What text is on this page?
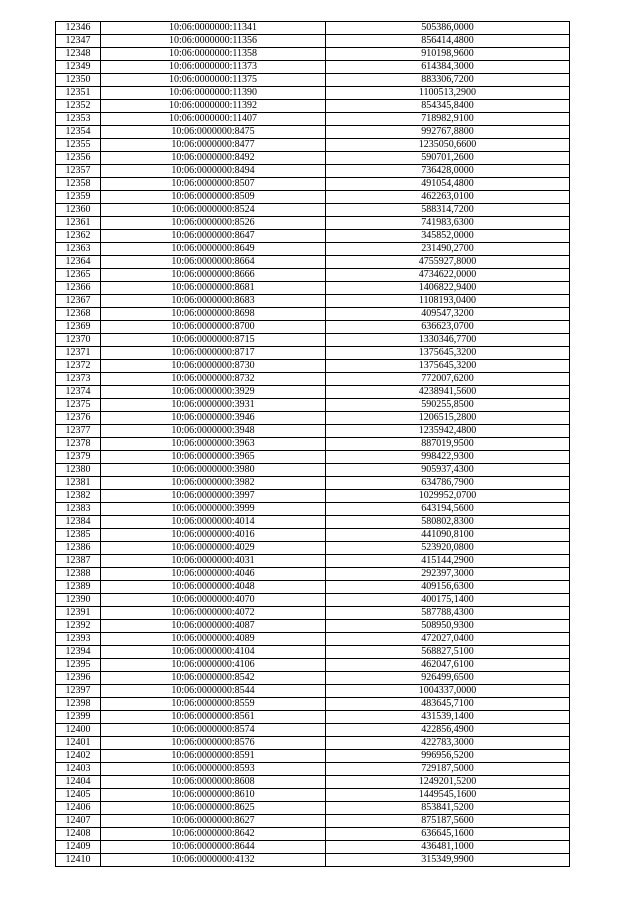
12346	10:06:0000000:11341	505386,0000
12347	10:06:0000000:11356	856414,4800
12348	10:06:0000000:11358	910198,9600
12349	10:06:0000000:11373	614384,3000
12350	10:06:0000000:11375	883306,7200
12351	10:06:0000000:11390	1100513,2900
12352	10:06:0000000:11392	854345,8400
12353	10:06:0000000:11407	718982,9100
12354	10:06:0000000:8475	992767,8800
12355	10:06:0000000:8477	1235050,6600
12356	10:06:0000000:8492	590701,2600
12357	10:06:0000000:8494	736428,0000
12358	10:06:0000000:8507	491054,4800
12359	10:06:0000000:8509	462263,0100
12360	10:06:0000000:8524	588314,7200
12361	10:06:0000000:8526	741983,6300
12362	10:06:0000000:8647	345852,0000
12363	10:06:0000000:8649	231490,2700
12364	10:06:0000000:8664	4755927,8000
12365	10:06:0000000:8666	4734622,0000
12366	10:06:0000000:8681	1406822,9400
12367	10:06:0000000:8683	1108193,0400
12368	10:06:0000000:8698	409547,3200
12369	10:06:0000000:8700	636623,0700
12370	10:06:0000000:8715	1330346,7700
12371	10:06:0000000:8717	1375645,3200
12372	10:06:0000000:8730	1375645,3200
12373	10:06:0000000:8732	772007,6200
12374	10:06:0000000:3929	4238941,5600
12375	10:06:0000000:3931	590255,8500
12376	10:06:0000000:3946	1206515,2800
12377	10:06:0000000:3948	1235942,4800
12378	10:06:0000000:3963	887019,9500
12379	10:06:0000000:3965	998422,9300
12380	10:06:0000000:3980	905937,4300
12381	10:06:0000000:3982	634786,7900
12382	10:06:0000000:3997	1029952,0700
12383	10:06:0000000:3999	643194,5600
12384	10:06:0000000:4014	580802,8300
12385	10:06:0000000:4016	441090,8100
12386	10:06:0000000:4029	523920,0800
12387	10:06:0000000:4031	415144,2900
12388	10:06:0000000:4046	292397,3000
12389	10:06:0000000:4048	409156,6300
12390	10:06:0000000:4070	400175,1400
12391	10:06:0000000:4072	587788,4300
12392	10:06:0000000:4087	508950,9300
12393	10:06:0000000:4089	472027,0400
12394	10:06:0000000:4104	568827,5100
12395	10:06:0000000:4106	462047,6100
12396	10:06:0000000:8542	926499,6500
12397	10:06:0000000:8544	1004337,0000
12398	10:06:0000000:8559	483645,7100
12399	10:06:0000000:8561	431539,1400
12400	10:06:0000000:8574	422856,4900
12401	10:06:0000000:8576	422783,3000
12402	10:06:0000000:8591	996956,5200
12403	10:06:0000000:8593	729187,5000
12404	10:06:0000000:8608	1249201,5200
12405	10:06:0000000:8610	1449545,1600
12406	10:06:0000000:8625	853841,5200
12407	10:06:0000000:8627	875187,5600
12408	10:06:0000000:8642	636645,1600
12409	10:06:0000000:8644	436481,1000
12410	10:06:0000000:4132	315349,9900
